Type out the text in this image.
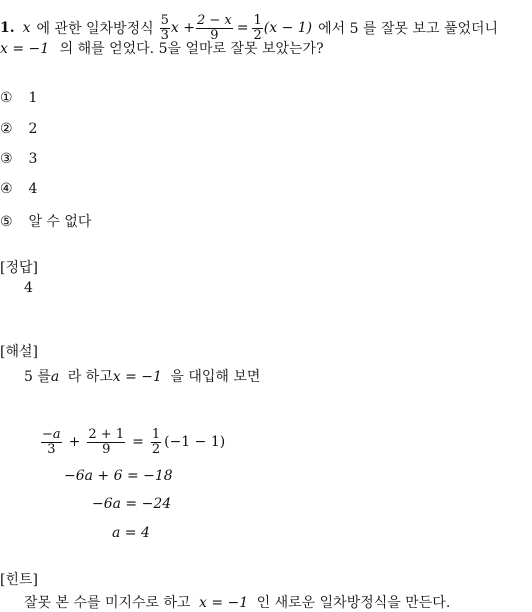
1. x 에 관한 일차방정식 $\frac{5}{3}$ $x + \frac{2 - x}{9} = \frac{1}{2} (x - 1)$ 에서 5 를 잘못 보고 풀었더니
x = −1 의 해를 얻었다. 5을 얼마로 잘못 보았는가?
① 1
② 2
③ 3
④ 4
⑤ 알 수 없다
[정답]
4
[해설]
5 를a 라 하고x = −1 을 대입해 보면
$\frac{-a}{3} + \frac{2 + 1}{9} = \frac{1}{2} (-1 - 1)$
−6a + 6 = −18
−6a = −24
a = 4
[힌트]
잘못 본 수를 미지수로 하고 x = −1 인 새로운 일차방정식을 만든다.
